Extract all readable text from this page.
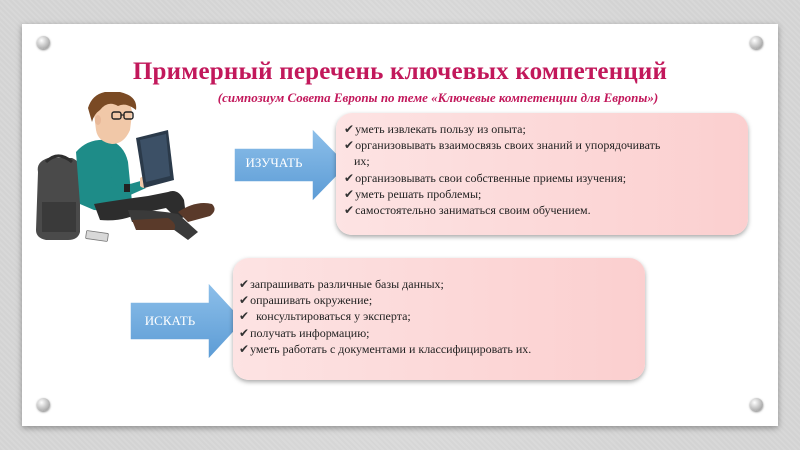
Примерный перечень ключевых компетенций
(симпозиум Совета Европы по теме «Ключевые компетенции для Европы»)
ИЗУЧАТЬ
✔уметь извлекать пользу из опыта;
✔организовывать взаимосвязь своих знаний и упорядочивать
их;
✔организовывать свои собственные приемы изучения;
✔уметь решать проблемы;
✔самостоятельно заниматься своим обучением.
ИСКАТЬ
✔запрашивать различные базы данных;
✔опрашивать окружение;
✔ консультироваться у эксперта;
✔получать информацию;
✔уметь работать с документами и классифицировать их.
